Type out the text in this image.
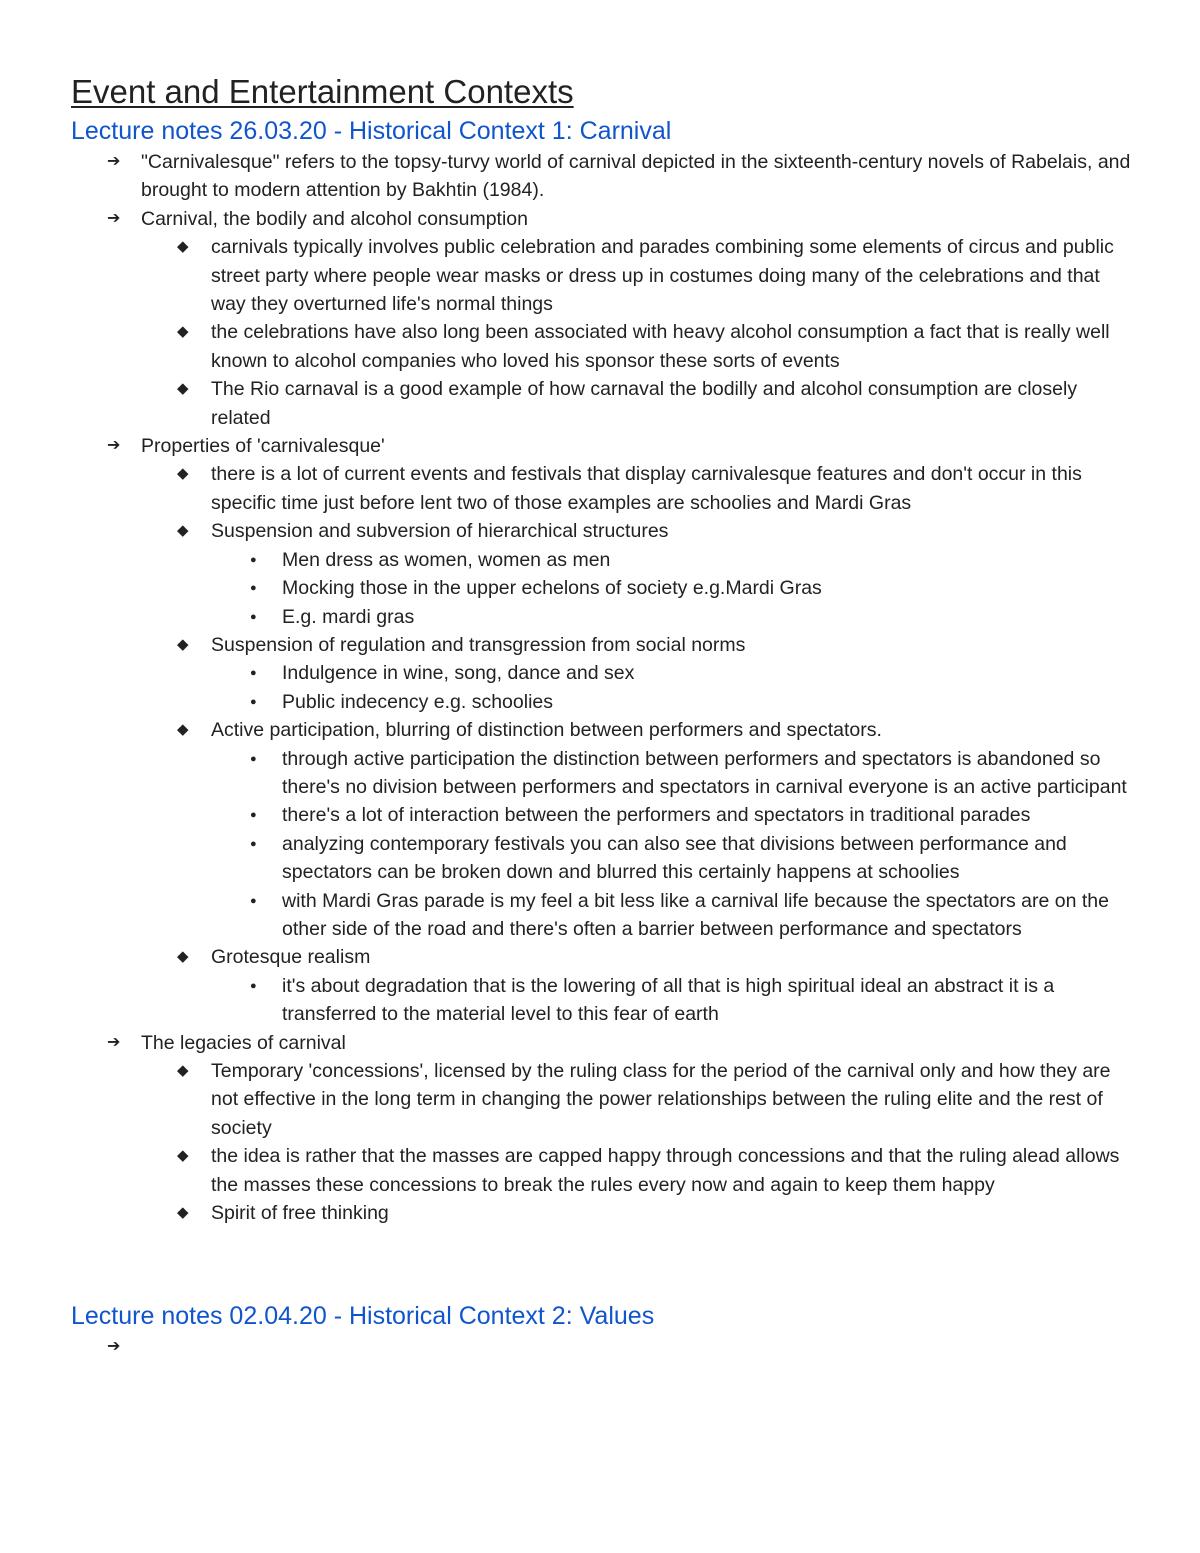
Event and Entertainment Contexts
Lecture notes 26.03.20 - Historical Context 1: Carnival
➔ "Carnivalesque" refers to the topsy-turvy world of carnival depicted in the sixteenth-century novels of Rabelais, and brought to modern attention by Bakhtin (1984).
➔ Carnival, the bodily and alcohol consumption
◆ carnivals typically involves public celebration and parades combining some elements of circus and public street party where people wear masks or dress up in costumes doing many of the celebrations and that way they overturned life's normal things
◆ the celebrations have also long been associated with heavy alcohol consumption a fact that is really well known to alcohol companies who loved his sponsor these sorts of events
◆ The Rio carnaval is a good example of how carnaval the bodilly and alcohol consumption are closely related
➔ Properties of 'carnivalesque'
◆ there is a lot of current events and festivals that display carnivalesque features and don't occur in this specific time just before lent two of those examples are schoolies and Mardi Gras
◆ Suspension and subversion of hierarchical structures
● Men dress as women, women as men
● Mocking those in the upper echelons of society e.g.Mardi Gras
● E.g. mardi gras
◆ Suspension of regulation and transgression from social norms
● Indulgence in wine, song, dance and sex
● Public indecency e.g. schoolies
◆ Active participation, blurring of distinction between performers and spectators.
● through active participation the distinction between performers and spectators is abandoned so there's no division between performers and spectators in carnival everyone is an active participant
● there's a lot of interaction between the performers and spectators in traditional parades
● analyzing contemporary festivals you can also see that divisions between performance and spectators can be broken down and blurred this certainly happens at schoolies
● with Mardi Gras parade is my feel a bit less like a carnival life because the spectators are on the other side of the road and there's often a barrier between performance and spectators
◆ Grotesque realism
● it's about degradation that is the lowering of all that is high spiritual ideal an abstract it is a transferred to the material level to this fear of earth
➔ The legacies of carnival
◆ Temporary 'concessions', licensed by the ruling class for the period of the carnival only and how they are not effective in the long term in changing the power relationships between the ruling elite and the rest of society
◆ the idea is rather that the masses are capped happy through concessions and that the ruling alead allows the masses these concessions to break the rules every now and again to keep them happy
◆ Spirit of free thinking
Lecture notes 02.04.20 - Historical Context 2: Values
➔
